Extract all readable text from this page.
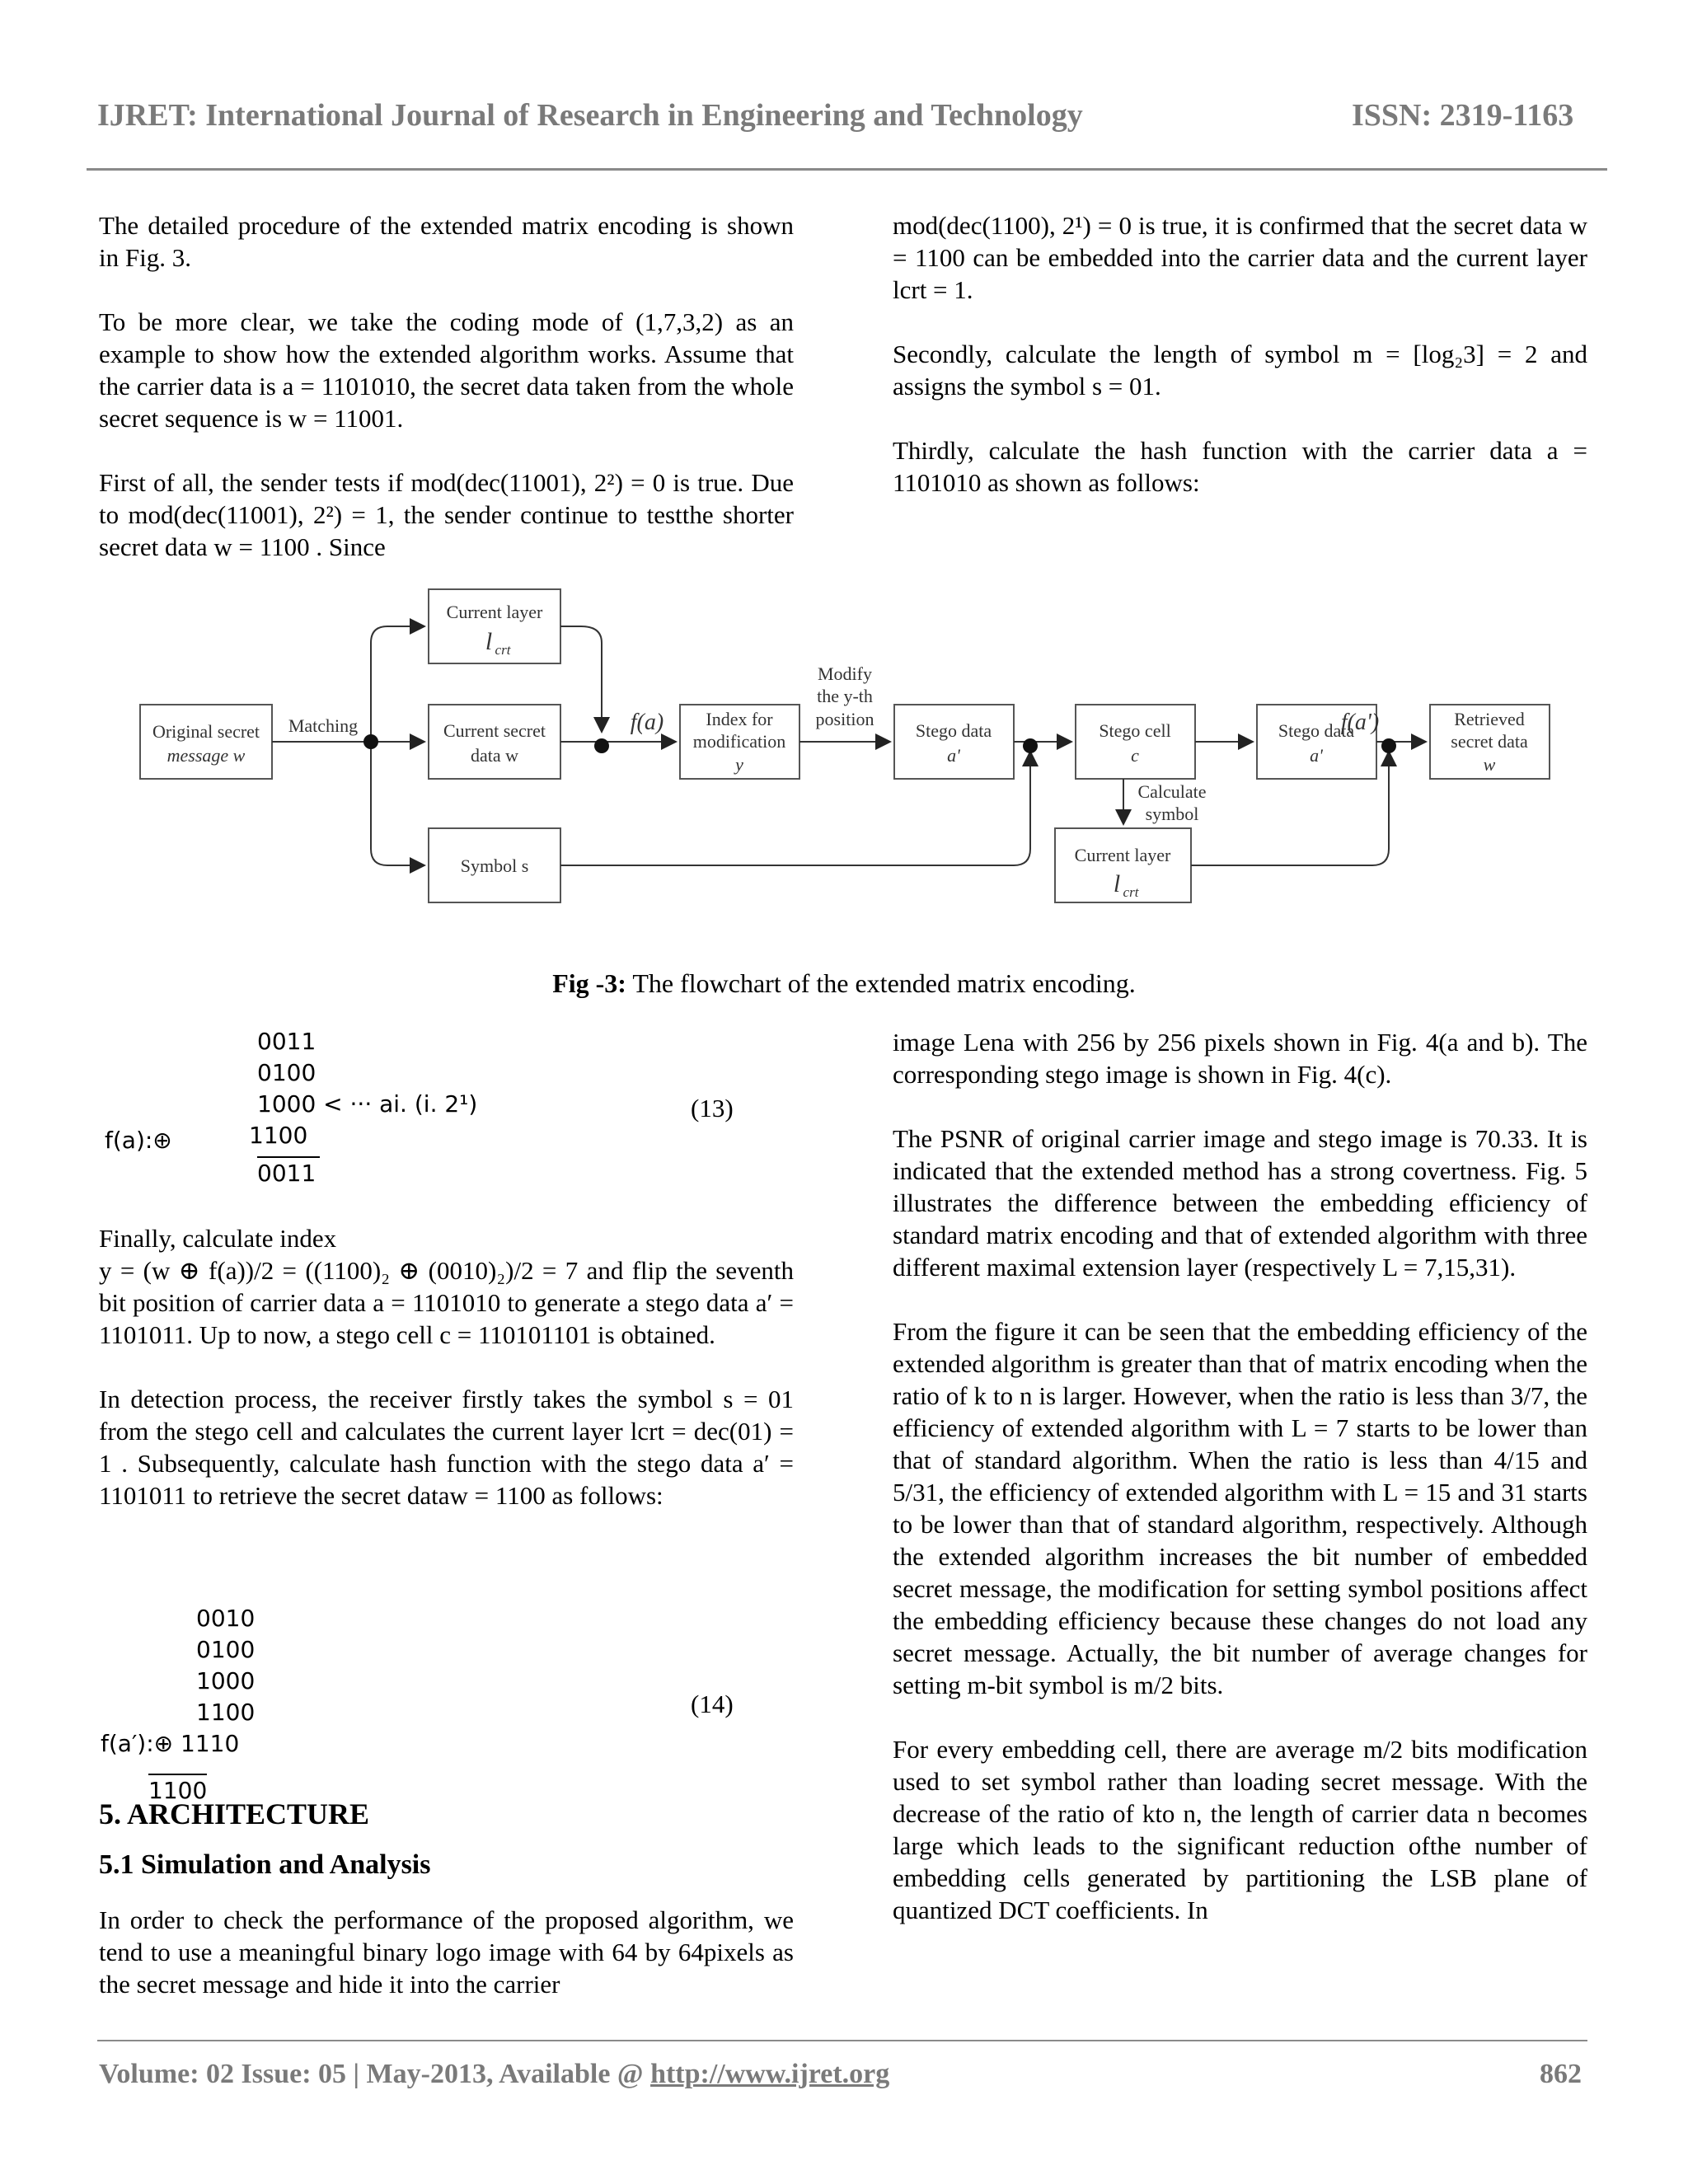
IJRET: International Journal of Research in Engineering and Technology	ISSN: 2319-1163

The detailed procedure of the extended matrix encoding is shown in Fig. 3.

To be more clear, we take the coding mode of (1,7,3,2) as an example to show how the extended algorithm works. Assume that the carrier data is a = 1101010, the secret data taken from the whole secret sequence is w = 11001.

First of all, the sender tests if mod(dec(11001), 2²) = 0 is true. Due to mod(dec(11001), 2²) = 1, the sender continue to testthe shorter secret data w = 1100 . Since

mod(dec(1100), 2¹) = 0 is true, it is confirmed that the secret data w = 1100 can be embedded into the carrier data and the current layer lcrt = 1.

Secondly, calculate the length of symbol m = [log₂3] = 2 and assigns the symbol s = 01.

Thirdly, calculate the hash function with the carrier data a = 1101010 as shown as follows:

Original secret
message w
Current layer
l crt
Current secret
data w
Symbol s
Index for
modification
y
Stego data
a'
Stego cell
c
Stego data
a'
Retrieved
secret data
w
Current layer
l crt
Matching	f(a)	f(a')
Modify
the y-th
position
Calculate
symbol
Fig -3: The flowchart of the extended matrix encoding.
0011
0100
1000 < ··· ai. (i. 2¹)
1100
0011
f(a):⊕
(13)
Finally, calculate index

y = (w ⊕ f(a))/2 = ((1100)₂ ⊕ (0010)₂)/2 = 7 and flip the seventh bit position of carrier data a = 1101010 to generate a stego data a′ = 1101011. Up to now, a stego cell c = 110101101 is obtained.

In detection process, the receiver firstly takes the symbol s = 01 from the stego cell and calculates the current layer lcrt = dec(01) = 1 . Subsequently, calculate hash function with the stego data a′ = 1101011 to retrieve the secret dataw = 1100 as follows:

0010
0100
1000
1100
f(a′):⊕ 1110
1100
(14)
5. ARCHITECTURE
5.1 Simulation and Analysis

In order to check the performance of the proposed algorithm, we tend to use a meaningful binary logo image with 64 by 64pixels as the secret message and hide it into the carrier

image Lena with 256 by 256 pixels shown in Fig. 4(a and b). The corresponding stego image is shown in Fig. 4(c).

The PSNR of original carrier image and stego image is 70.33. It is indicated that the extended method has a strong covertness. Fig. 5 illustrates the difference between the embedding efficiency of standard matrix encoding and that of extended algorithm with three different maximal extension layer (respectively L = 7,15,31).

From the figure it can be seen that the embedding efficiency of the extended algorithm is greater than that of matrix encoding when the ratio of k to n is larger. However, when the ratio is less than 3/7, the efficiency of extended algorithm with L = 7 starts to be lower than that of standard algorithm. When the ratio is less than 4/15 and 5/31, the efficiency of extended algorithm with L = 15 and 31 starts to be lower than that of standard algorithm, respectively. Although the extended algorithm increases the bit number of embedded secret message, the modification for setting symbol positions affect the embedding efficiency because these changes do not load any secret message. Actually, the bit number of average changes for setting m-bit symbol is m/2 bits.

For every embedding cell, there are average m/2 bits modification used to set symbol rather than loading secret message. With the decrease of the ratio of kto n, the length of carrier data n becomes large which leads to the significant reduction ofthe number of embedding cells generated by partitioning the LSB plane of quantized DCT coefficients. In

Volume: 02 Issue: 05 | May-2013, Available @ http://www.ijret.org	862
